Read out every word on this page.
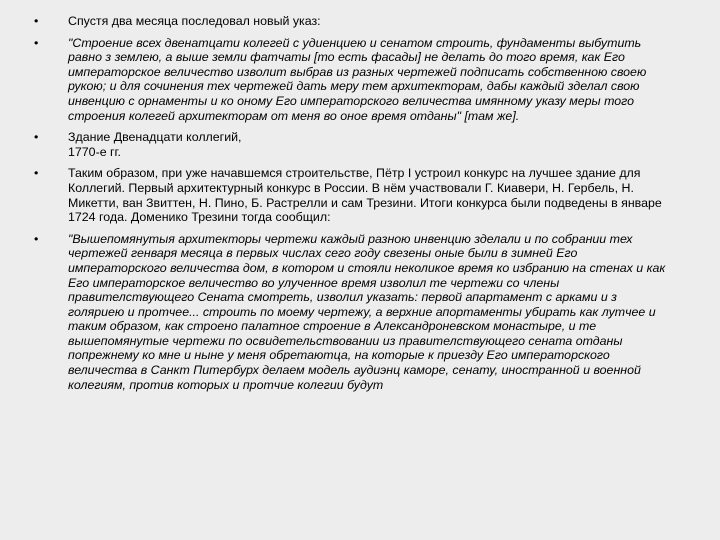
• Спустя два месяца последовал новый указ:
• "Строение всех двенатцати колегей с удиенциею и сенатом строить, фундаменты выбутить равно з землею, а выше земли фатчаты [то есть фасады] не делать до того время, как Его императорское величество изволит выбрав из разных чертежей подписать собственною своею рукою; и для сочинения тех чертежей дать меру тем архитекторам, дабы каждый зделал свою инвенцию с орнаменты и ко оному Его императорского величества имянному указу меры того строения колегей архитекторам от меня во оное время отданы" [там же].
• Здание Двенадцати коллегий,
1770-е гг.
• Таким образом, при уже начавшемся строительстве, Пётр I устроил конкурс на лучшее здание для Коллегий. Первый архитектурный конкурс в России. В нём участвовали Г. Киавери, Н. Гербель, Н. Микетти, ван Звиттен, Н. Пино, Б. Растрелли и сам Трезини. Итоги конкурса были подведены в январе 1724 года. Доменико Трезини тогда сообщил:
• "Вышепомянутыя архитекторы чертежи каждый разною инвенцию зделали и по собрании тех чертежей генваря месяца в первых числах сего году свезены оные были в зимней Его императорского величества дом, в котором и стояли неколикое время ко избранию на стенах и как Его императорское величество во улученное время изволил те чертежи со члены правителствующего Сената смотреть, изволил указать: первой апартамент с арками и з голяриею и протчее... строить по моему чертежу, а верхние апортаменты убирать как лутчее и таким образом, как строено палатное строение в Александроневском монастыре, и те вышепомянутые чертежи по освидетельствовании из правителствующего сената отданы попрежнему ко мне и ныне у меня обретаютца, на которые к приезду Его императорского величества в Санкт Питербурх делаем модель аудиэнц каморе, сенату, иностранной и военной колегиям, против которых и протчие колегии будут
